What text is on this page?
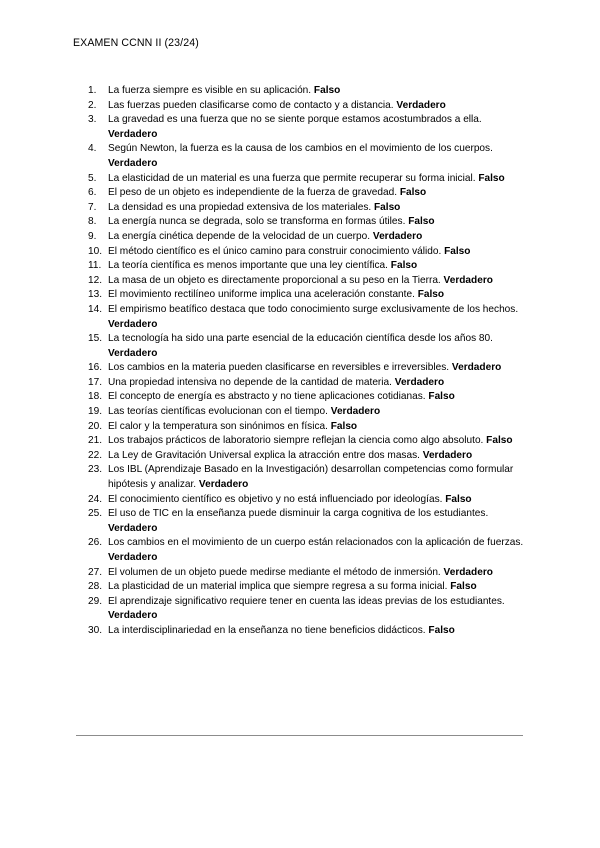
EXAMEN CCNN II (23/24)
1. La fuerza siempre es visible en su aplicación. Falso
2. Las fuerzas pueden clasificarse como de contacto y a distancia. Verdadero
3. La gravedad es una fuerza que no se siente porque estamos acostumbrados a ella. Verdadero
4. Según Newton, la fuerza es la causa de los cambios en el movimiento de los cuerpos. Verdadero
5. La elasticidad de un material es una fuerza que permite recuperar su forma inicial. Falso
6. El peso de un objeto es independiente de la fuerza de gravedad. Falso
7. La densidad es una propiedad extensiva de los materiales. Falso
8. La energía nunca se degrada, solo se transforma en formas útiles. Falso
9. La energía cinética depende de la velocidad de un cuerpo. Verdadero
10. El método científico es el único camino para construir conocimiento válido. Falso
11. La teoría científica es menos importante que una ley científica. Falso
12. La masa de un objeto es directamente proporcional a su peso en la Tierra. Verdadero
13. El movimiento rectilíneo uniforme implica una aceleración constante. Falso
14. El empirismo beatífico destaca que todo conocimiento surge exclusivamente de los hechos. Verdadero
15. La tecnología ha sido una parte esencial de la educación científica desde los años 80. Verdadero
16. Los cambios en la materia pueden clasificarse en reversibles e irreversibles. Verdadero
17. Una propiedad intensiva no depende de la cantidad de materia. Verdadero
18. El concepto de energía es abstracto y no tiene aplicaciones cotidianas. Falso
19. Las teorías científicas evolucionan con el tiempo. Verdadero
20. El calor y la temperatura son sinónimos en física. Falso
21. Los trabajos prácticos de laboratorio siempre reflejan la ciencia como algo absoluto. Falso
22. La Ley de Gravitación Universal explica la atracción entre dos masas. Verdadero
23. Los IBL (Aprendizaje Basado en la Investigación) desarrollan competencias como formular hipótesis y analizar. Verdadero
24. El conocimiento científico es objetivo y no está influenciado por ideologías. Falso
25. El uso de TIC en la enseñanza puede disminuir la carga cognitiva de los estudiantes. Verdadero
26. Los cambios en el movimiento de un cuerpo están relacionados con la aplicación de fuerzas. Verdadero
27. El volumen de un objeto puede medirse mediante el método de inmersión. Verdadero
28. La plasticidad de un material implica que siempre regresa a su forma inicial. Falso
29. El aprendizaje significativo requiere tener en cuenta las ideas previas de los estudiantes. Verdadero
30. La interdisciplinariedad en la enseñanza no tiene beneficios didácticos. Falso
